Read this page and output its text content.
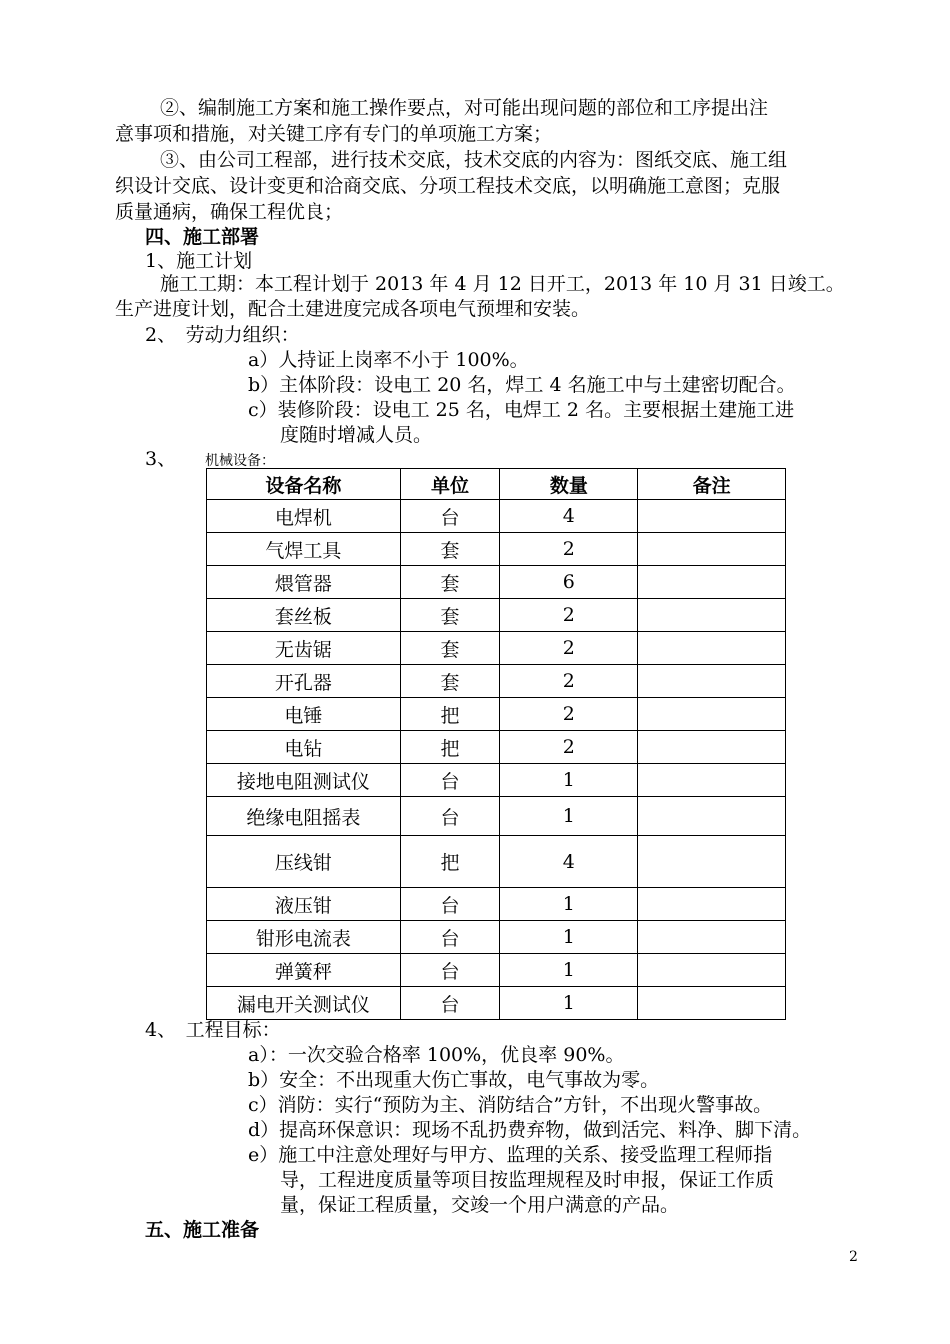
②、编制施工方案和施工操作要点，对可能出现问题的部位和工序提出注
意事项和措施，对关键工序有专门的单项施工方案；
③、由公司工程部，进行技术交底，技术交底的内容为：图纸交底、施工组
织设计交底、设计变更和洽商交底、分项工程技术交底，以明确施工意图；克服
质量通病，确保工程优良；
四、施工部署
1、施工计划
施工工期：本工程计划于 2013 年 4 月 12 日开工，2013 年 10 月 31 日竣工。
生产进度计划，配合土建进度完成各项电气预埋和安装。
2、　劳动力组织：
a）人持证上岗率不小于 100%。
b）主体阶段：设电工 20 名，焊工 4 名施工中与土建密切配合。
c）装修阶段：设电工 25 名，电焊工 2 名。主要根据土建施工进
度随时增减人员。
3、 机械设备：
设备名称	单位	数量	备注
电焊机	台	4	
气焊工具	套	2	
煨管器	套	6	
套丝板	套	2	
无齿锯	套	2	
开孔器	套	2	
电锤	把	2	
电钻	把	2	
接地电阻测试仪	台	1	
绝缘电阻摇表	台	1	
压线钳	把	4	
液压钳	台	1	
钳形电流表	台	1	
弹簧秤	台	1	
漏电开关测试仪	台	1	
4、　工程目标：
a）：一次交验合格率 100%，优良率 90%。
b）安全：不出现重大伤亡事故，电气事故为零。
c）消防：实行“预防为主、消防结合”方针，不出现火警事故。
d）提高环保意识：现场不乱扔费弃物，做到活完、料净、脚下清。
e）施工中注意处理好与甲方、监理的关系、接受监理工程师指
导，工程进度质量等项目按监理规程及时申报，保证工作质
量，保证工程质量，交竣一个用户满意的产品。
五、施工准备
2
